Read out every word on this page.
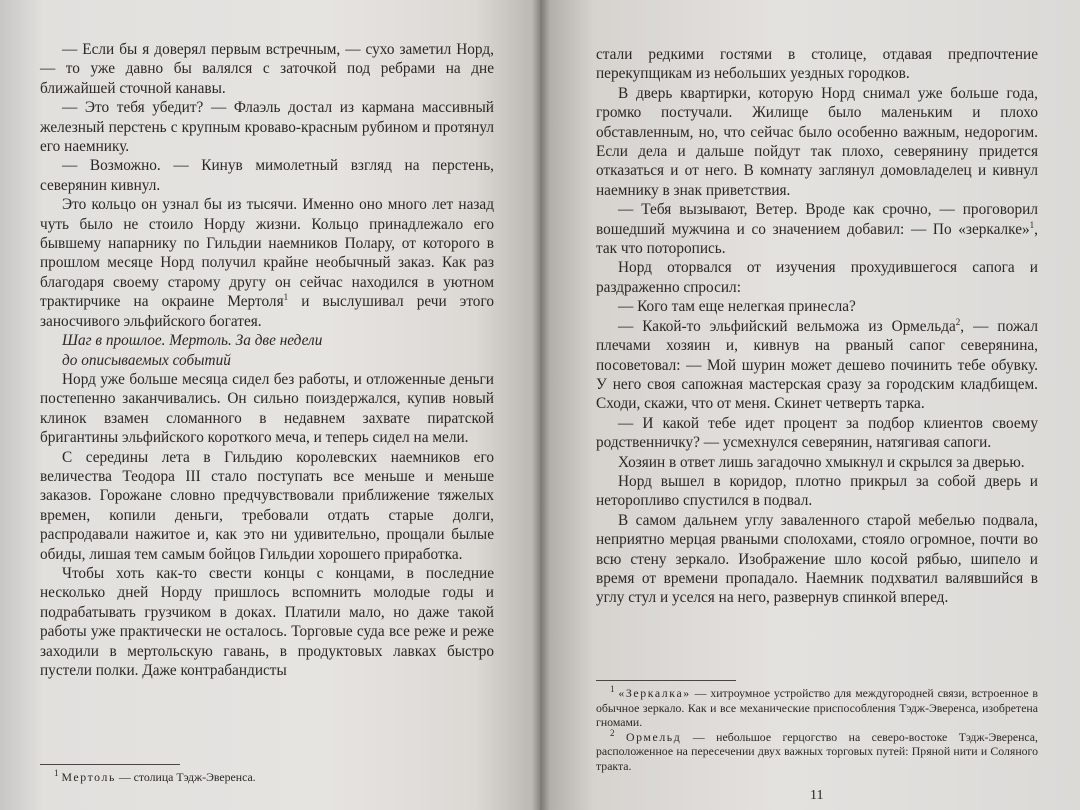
— Если бы я доверял первым встречным, — сухо заметил Норд, — то уже давно бы валялся с заточкой под ребрами на дне ближайшей сточной канавы.

— Это тебя убедит? — Флаэль достал из кармана массивный железный перстень с крупным кроваво-красным рубином и протянул его наемнику.

— Возможно. — Кинув мимолетный взгляд на перстень, северянин кивнул.

Это кольцо он узнал бы из тысячи. Именно оно много лет назад чуть было не стоило Норду жизни. Кольцо принадлежало его бывшему напарнику по Гильдии наемников Полару, от которого в прошлом месяце Норд получил крайне необычный заказ. Как раз благодаря своему старому другу он сейчас находился в уютном трактирчике на окраине Мертоля$^1$ и выслушивал речи этого заносчивого эльфийского богатея.

Шаг в прошлое. Мертоль. За две недели
до описываемых событий

Норд уже больше месяца сидел без работы, и отложенные деньги постепенно заканчивались. Он сильно поиздержался, купив новый клинок взамен сломанного в недавнем захвате пиратской бригантины эльфийского короткого меча, и теперь сидел на мели.

С середины лета в Гильдию королевских наемников его величества Теодора III стало поступать все меньше и меньше заказов. Горожане словно предчувствовали приближение тяжелых времен, копили деньги, требовали отдать старые долги, распродавали нажитое и, как это ни удивительно, прощали былые обиды, лишая тем самым бойцов Гильдии хорошего приработка.

Чтобы хоть как-то свести концы с концами, в последние несколько дней Норду пришлось вспомнить молодые годы и подрабатывать грузчиком в доках. Платили мало, но даже такой работы уже практически не осталось. Торговые суда все реже и реже заходили в мертольскую гавань, в продуктовых лавках быстро пустели полки. Даже контрабандисты

$^1$ Мертоль — столица Тэдж-Эверенса.

стали редкими гостями в столице, отдавая предпочтение перекупщикам из небольших уездных городков.

В дверь квартирки, которую Норд снимал уже больше года, громко постучали. Жилище было маленьким и плохо обставленным, но, что сейчас было особенно важным, недорогим. Если дела и дальше пойдут так плохо, северянину придется отказаться и от него. В комнату заглянул домовладелец и кивнул наемнику в знак приветствия.

— Тебя вызывают, Ветер. Вроде как срочно, — проговорил вошедший мужчина и со значением добавил: — По «зеркалке»$^1$, так что поторопись.

Норд оторвался от изучения прохудившегося сапога и раздраженно спросил:

— Кого там еще нелегкая принесла?

— Какой-то эльфийский вельможа из Ормельда$^2$, — пожал плечами хозяин и, кивнув на рваный сапог северянина, посоветовал: — Мой шурин может дешево починить тебе обувку. У него своя сапожная мастерская сразу за городским кладбищем. Сходи, скажи, что от меня. Скинет четверть тарка.

— И какой тебе идет процент за подбор клиентов своему родственничку? — усмехнулся северянин, натягивая сапоги.

Хозяин в ответ лишь загадочно хмыкнул и скрылся за дверью.

Норд вышел в коридор, плотно прикрыл за собой дверь и неторопливо спустился в подвал.

В самом дальнем углу заваленного старой мебелью подвала, неприятно мерцая рваными сполохами, стояло огромное, почти во всю стену зеркало. Изображение шло косой рябью, шипело и время от времени пропадало. Наемник подхватил валявшийся в углу стул и уселся на него, развернув спинкой вперед.

$^1$ «Зеркалка» — хитроумное устройство для междугородней связи, встроенное в обычное зеркало. Как и все механические приспособления Тэдж-Эверенса, изобретена гномами.

$^2$ Ормельд — небольшое герцогство на северо-востоке Тэдж-Эверенса, расположенное на пересечении двух важных торговых путей: Пряной нити и Соляного тракта.

11
